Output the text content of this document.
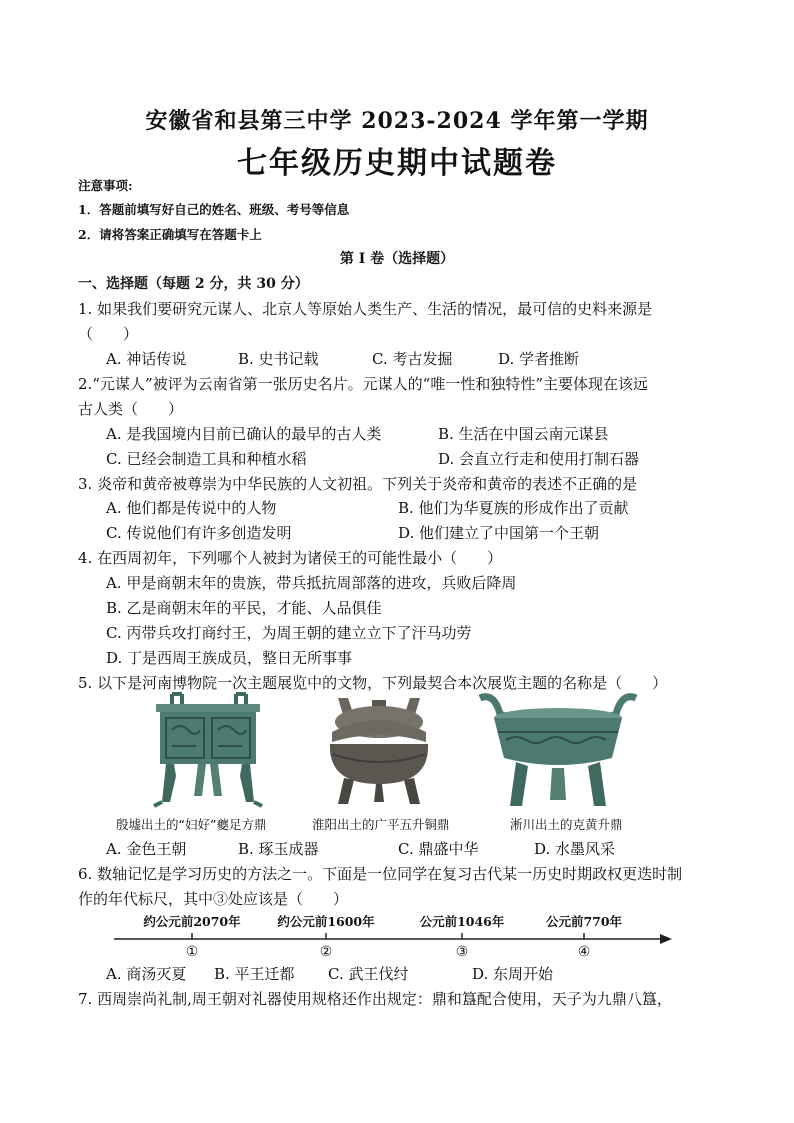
安徽省和县第三中学 2023-2024 学年第一学期
七年级历史期中试题卷
注意事项:
1．答题前填写好自己的姓名、班级、考号等信息
2．请将答案正确填写在答题卡上
第 I 卷（选择题）
一、选择题（每题 2 分，共 30 分）
1. 如果我们要研究元谋人、北京人等原始人类生产、生活的情况，最可信的史料来源是
（　　）
A. 神话传说	B. 史书记载	C. 考古发掘	D. 学者推断
2.“元谋人”被评为云南省第一张历史名片。元谋人的“唯一性和独特性”主要体现在该远
古人类（　　）
A. 是我国境内目前已确认的最早的古人类	B. 生活在中国云南元谋县
C. 已经会制造工具和种植水稻	D. 会直立行走和使用打制石器
3. 炎帝和黄帝被尊崇为中华民族的人文初祖。下列关于炎帝和黄帝的表述不正确的是
A. 他们都是传说中的人物	B. 他们为华夏族的形成作出了贡献
C. 传说他们有许多创造发明	D. 他们建立了中国第一个王朝
4. 在西周初年，下列哪个人被封为诸侯王的可能性最小（　　）
A. 甲是商朝末年的贵族，带兵抵抗周部落的进攻，兵败后降周
B. 乙是商朝末年的平民，才能、人品俱佳
C. 丙带兵攻打商纣王，为周王朝的建立立下了汗马功劳
D. 丁是西周王族成员，整日无所事事
5. 以下是河南博物院一次主题展览中的文物，下列最契合本次展览主题的名称是（　　）
殷墟出土的“妇好”夔足方鼎	淮阳出土的广平五升铜鼎	淅川出土的克黄升鼎
A. 金色王朝	B. 琢玉成器	C. 鼎盛中华	D. 水墨风采
6. 数轴记忆是学习历史的方法之一。下面是一位同学在复习古代某一历史时期政权更迭时制
作的年代标尺，其中③处应该是（　　）
约公元前2070年
①
约公元前1600年
②
公元前1046年
③
公元前770年
④
A. 商汤灭夏 B. 平王迁都 C. 武王伐纣	D. 东周开始
7. 西周崇尚礼制,周王朝对礼器使用规格还作出规定：鼎和簋配合使用，天子为九鼎八簋，
